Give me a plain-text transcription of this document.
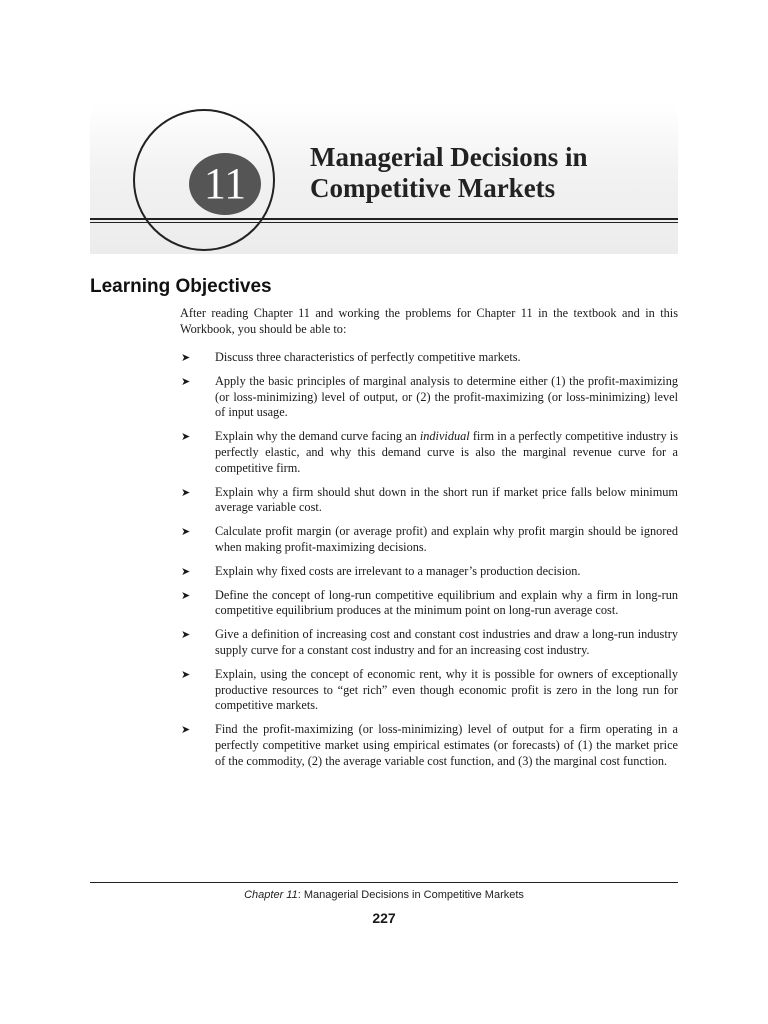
11
Managerial Decisions in
Competitive Markets
Learning Objectives
After reading Chapter 11 and working the problems for Chapter 11 in the textbook and in this Workbook, you should be able to:
➤ Discuss three characteristics of perfectly competitive markets.
➤ Apply the basic principles of marginal analysis to determine either (1) the profit-maximizing (or loss-minimizing) level of output, or (2) the profit-maximizing (or loss-minimizing) level of input usage.
➤ Explain why the demand curve facing an individual firm in a perfectly competitive industry is perfectly elastic, and why this demand curve is also the marginal revenue curve for a competitive firm.
➤ Explain why a firm should shut down in the short run if market price falls below minimum average variable cost.
➤ Calculate profit margin (or average profit) and explain why profit margin should be ignored when making profit-maximizing decisions.
➤ Explain why fixed costs are irrelevant to a manager’s production decision.
➤ Define the concept of long-run competitive equilibrium and explain why a firm in long-run competitive equilibrium produces at the minimum point on long-run average cost.
➤ Give a definition of increasing cost and constant cost industries and draw a long-run industry supply curve for a constant cost industry and for an increasing cost industry.
➤ Explain, using the concept of economic rent, why it is possible for owners of exceptionally productive resources to “get rich” even though economic profit is zero in the long run for competitive markets.
➤ Find the profit-maximizing (or loss-minimizing) level of output for a firm operating in a perfectly competitive market using empirical estimates (or forecasts) of (1) the market price of the commodity, (2) the average variable cost function, and (3) the marginal cost function.
Chapter 11: Managerial Decisions in Competitive Markets
227
